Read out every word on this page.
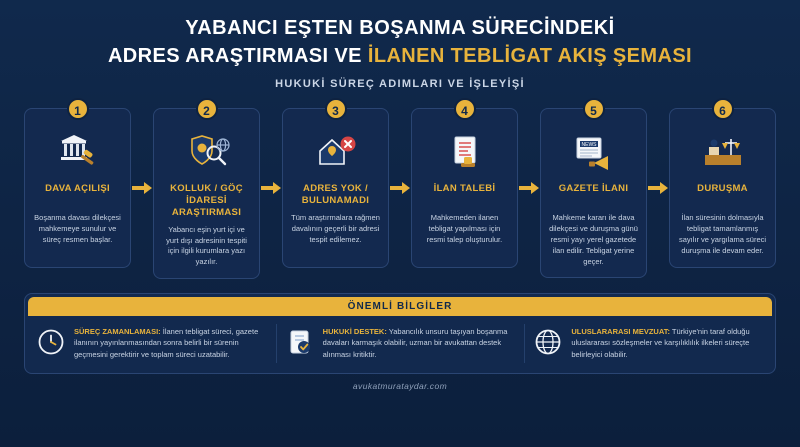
YABANCI EŞTEN BOŞANMA SÜRECİNDEKİ
ADRES ARAŞTIRMASI VE İLANEN TEBLİGAT AKIŞ ŞEMASI
HUKUKİ SÜREÇ ADIMLARI VE İŞLEYİŞİ
1
DAVA AÇILIŞI
Boşanma davası dilekçesi mahkemeye sunulur ve süreç resmen başlar.
2
KOLLUK / GÖÇ İDARESİ ARAŞTIRMASI
Yabancı eşin yurt içi ve yurt dışı adresinin tespiti için ilgili kurumlara yazı yazılır.
3
ADRES YOK / BULUNAMADI
Tüm araştırmalara rağmen davalının geçerli bir adresi tespit edilemez.
4
İLAN TALEBİ
Mahkemeden ilanen tebligat yapılması için resmi talep oluşturulur.
5
NEWS
GAZETE İLANI
Mahkeme kararı ile dava dilekçesi ve duruşma günü resmi yayı yerel gazetede ilan edilir. Tebligat yerine geçer.
6
DURUŞMA
İlan süresinin dolmasıyla tebligat tamamlanmış sayılır ve yargılama süreci duruşma ile devam eder.
ÖNEMLİ BİLGİLER
SÜREÇ ZAMANLAMASI: İlanen tebligat süreci, gazete ilanının yayınlanmasından sonra belirli bir sürenin geçmesini gerektirir ve toplam süreci uzatabilir.
HUKUKİ DESTEK: Yabancılık unsuru taşıyan boşanma davaları karmaşık olabilir, uzman bir avukattan destek alınması kritiktir.
ULUSLARARASI MEVZUAT: Türkiye'nin taraf olduğu uluslararası sözleşmeler ve karşılıklılık ilkeleri süreçte belirleyici olabilir.
avukatmurataydar.com
